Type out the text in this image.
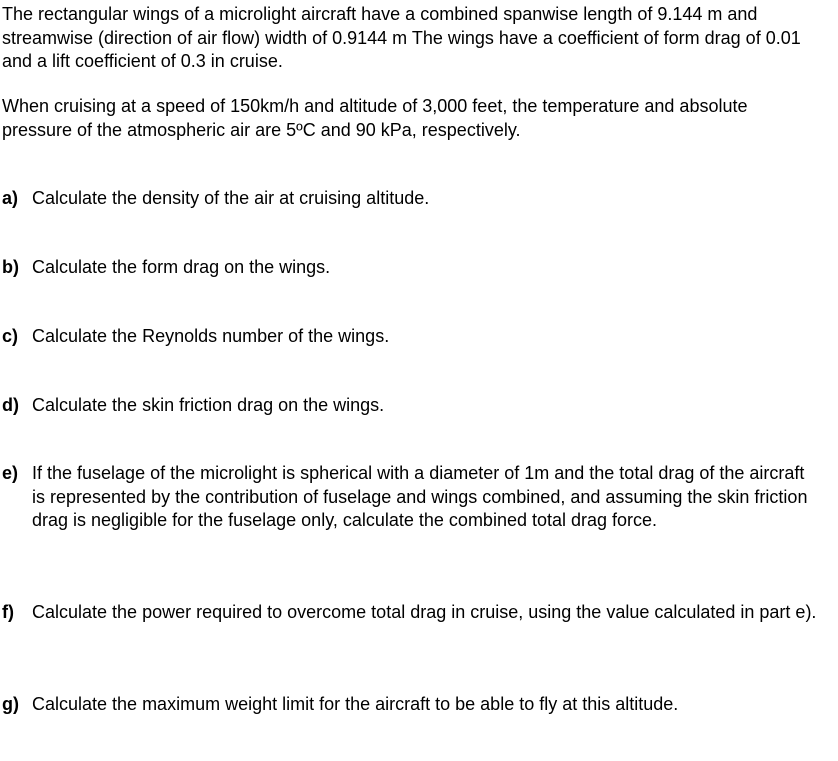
The rectangular wings of a microlight aircraft have a combined spanwise length of 9.144 m and streamwise (direction of air flow) width of 0.9144 m The wings have a coefficient of form drag of 0.01 and a lift coefficient of 0.3 in cruise.

When cruising at a speed of 150km/h and altitude of 3,000 feet, the temperature and absolute pressure of the atmospheric air are 5ºC and 90 kPa, respectively.

a) Calculate the density of the air at cruising altitude.
b) Calculate the form drag on the wings.
c) Calculate the Reynolds number of the wings.
d) Calculate the skin friction drag on the wings.
e) If the fuselage of the microlight is spherical with a diameter of 1m and the total drag of the aircraft is represented by the contribution of fuselage and wings combined, and assuming the skin friction drag is negligible for the fuselage only, calculate the combined total drag force.
f)	Calculate the power required to overcome total drag in cruise, using the value calculated in part e).
g) Calculate the maximum weight limit for the aircraft to be able to fly at this altitude.
